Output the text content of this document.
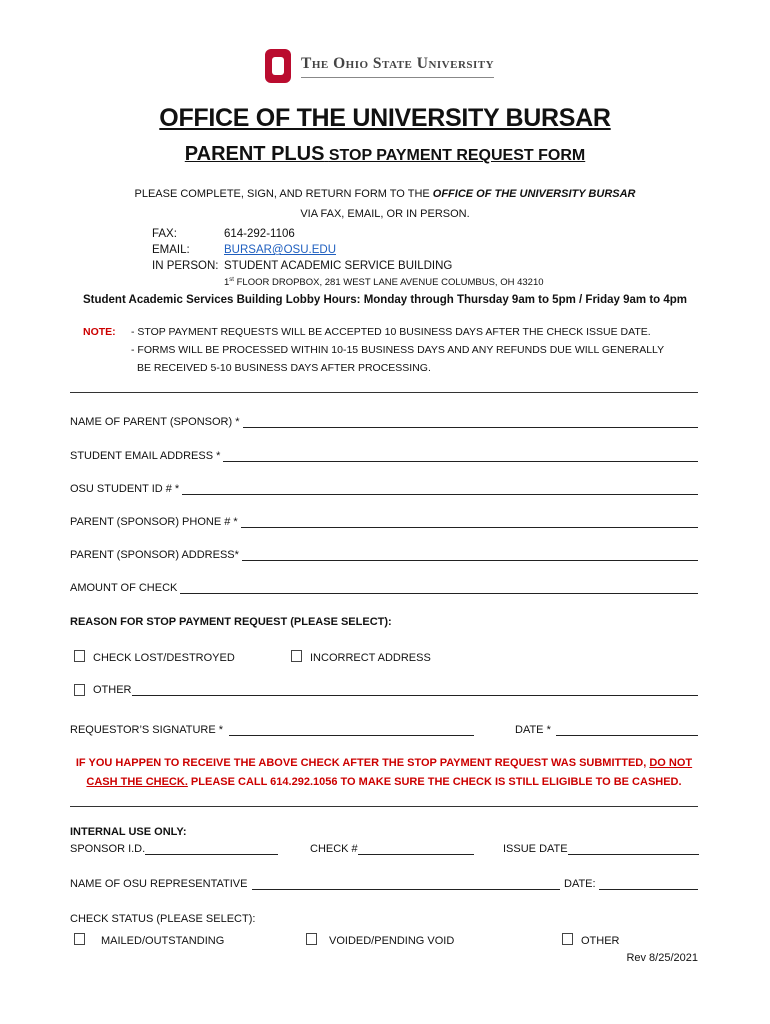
The Ohio State University
OFFICE OF THE UNIVERSITY BURSAR
PARENT PLUS STOP PAYMENT REQUEST FORM
PLEASE COMPLETE, SIGN, AND RETURN FORM TO THE OFFICE OF THE UNIVERSITY BURSAR
VIA FAX, EMAIL, OR IN PERSON.
FAX:	614-292-1106
EMAIL:	BURSAR@OSU.EDU
IN PERSON: STUDENT ACADEMIC SERVICE BUILDING
1st FLOOR DROPBOX, 281 WEST LANE AVENUE COLUMBUS, OH 43210
Student Academic Services Building Lobby Hours: Monday through Thursday 9am to 5pm / Friday 9am to 4pm
NOTE: - STOP PAYMENT REQUESTS WILL BE ACCEPTED 10 BUSINESS DAYS AFTER THE CHECK ISSUE DATE.
- FORMS WILL BE PROCESSED WITHIN 10-15 BUSINESS DAYS AND ANY REFUNDS DUE WILL GENERALLY
BE RECEIVED 5-10 BUSINESS DAYS AFTER PROCESSING.
NAME OF PARENT (SPONSOR) *
STUDENT EMAIL ADDRESS *
OSU STUDENT ID # *
PARENT (SPONSOR) PHONE # *
PARENT (SPONSOR) ADDRESS*
AMOUNT OF CHECK
REASON FOR STOP PAYMENT REQUEST (PLEASE SELECT):
CHECK LOST/DESTROYED	INCORRECT ADDRESS
OTHER
REQUESTOR’S SIGNATURE *	DATE *
IF YOU HAPPEN TO RECEIVE THE ABOVE CHECK AFTER THE STOP PAYMENT REQUEST WAS SUBMITTED, DO NOT CASH THE CHECK. PLEASE CALL 614.292.1056 TO MAKE SURE THE CHECK IS STILL ELIGIBLE TO BE CASHED.
INTERNAL USE ONLY:
SPONSOR I.D.	CHECK #	ISSUE DATE
NAME OF OSU REPRESENTATIVE	DATE:
CHECK STATUS (PLEASE SELECT):
MAILED/OUTSTANDING	VOIDED/PENDING VOID	OTHER
Rev 8/25/2021
